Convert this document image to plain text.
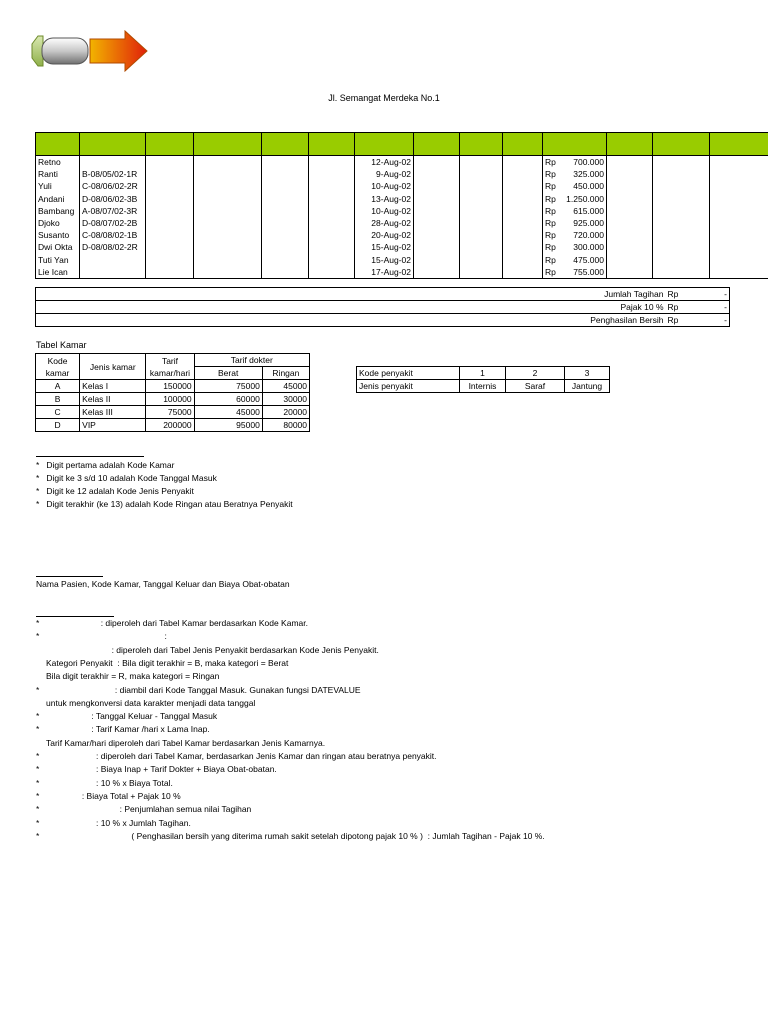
Jl. Semangat Merdeka No.1

Retno						12-Aug-02				Rp 700.000			

Ranti	B-08/05/02-1R					9-Aug-02				Rp 325.000			

Yuli	C-08/06/02-2R					10-Aug-02				Rp 450.000			

Andani	D-08/06/02-3B					13-Aug-02				Rp 1.250.000			

Bambang	A-08/07/02-3R					10-Aug-02				Rp 615.000			

Djoko	D-08/07/02-2B					28-Aug-02				Rp 925.000			

Susanto	C-08/08/02-1B					20-Aug-02				Rp 720.000			

Dwi Okta	D-08/08/02-2R					15-Aug-02				Rp 300.000			

Tuti Yan						15-Aug-02				Rp 475.000			

Lie Ican						17-Aug-02				Rp 755.000			

Jumlah Tagihan	Rp	-
Pajak 10 %	Rp	-
Penghasilan Bersih	Rp	-
Tabel Kamar
Kode kamar	Jenis kamar	Tarif kamar/hari	Tarif dokter	
			Berat	Ringan
A	Kelas I	150000	75000	45000
B	Kelas II	100000	60000	30000
C	Kelas III	75000	45000	20000
D	VIP	200000	95000	80000
Kode penyakit	1	2	3
Jenis penyakit	Internis	Saraf	Jantung
*   Digit pertama adalah Kode Kamar
*   Digit ke 3 s/d 10 adalah Kode Tanggal Masuk
*   Digit ke 12 adalah Kode Jenis Penyakit
*   Digit terakhir (ke 13) adalah Kode Ringan atau Beratnya Penyakit
Nama Pasien, Kode Kamar, Tanggal Keluar dan Biaya Obat-obatan
*                          : diperoleh dari Tabel Kamar berdasarkan Kode Kamar.
*                                                     :
: diperoleh dari Tabel Jenis Penyakit berdasarkan Kode Jenis Penyakit.
Kategori Penyakit  : Bila digit terakhir = B, maka kategori = Berat
Bila digit terakhir = R, maka kategori = Ringan
*                                : diambil dari Kode Tanggal Masuk. Gunakan fungsi DATEVALUE
untuk mengkonversi data karakter menjadi data tanggal
*                      : Tanggal Keluar - Tanggal Masuk
*                      : Tarif Kamar /hari x Lama Inap.
Tarif Kamar/hari diperoleh dari Tabel Kamar berdasarkan Jenis Kamarnya.
*                        : diperoleh dari Tabel Kamar, berdasarkan Jenis Kamar dan ringan atau beratnya penyakit.
*                        : Biaya Inap + Tarif Dokter + Biaya Obat-obatan.
*                        : 10 % x Biaya Total.
*                  : Biaya Total + Pajak 10 %
*                                  : Penjumlahan semua nilai Tagihan
*                        : 10 % x Jumlah Tagihan.
*                                       ( Penghasilan bersih yang diterima rumah sakit setelah dipotong pajak 10 % )  : Jumlah Tagihan - Pajak 10 %.
